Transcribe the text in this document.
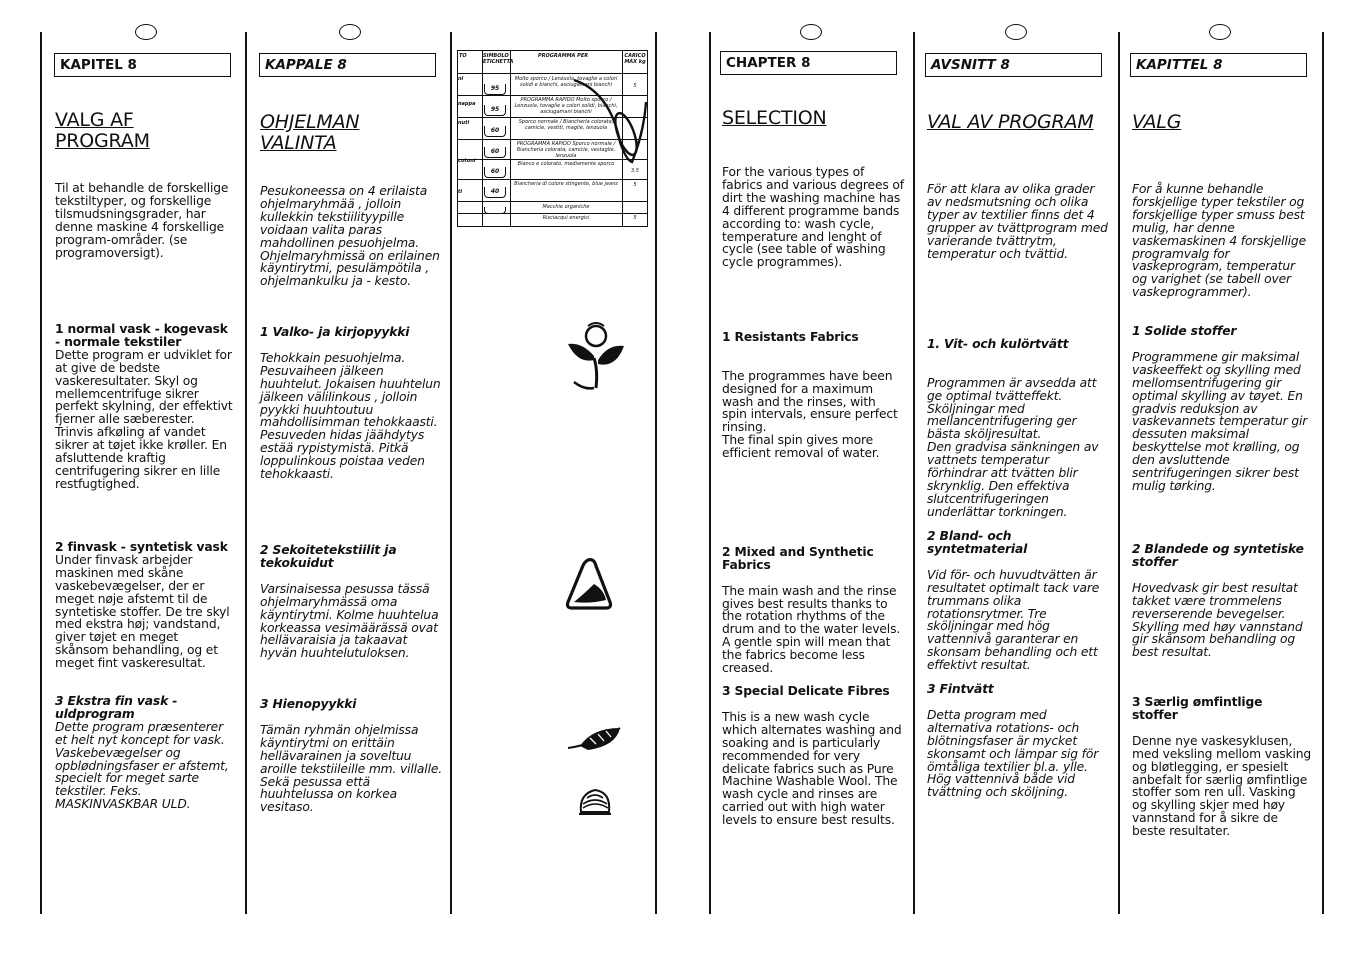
KAPITEL 8
VALG AF
PROGRAM
Til at behandle de forskellige tekstiltyper, og forskellige tilsmudsningsgrader, har denne maskine 4 forskellige program-områder. (se programoversigt).
1 normal vask - kogevask - normale tekstiler
Dette program er udviklet for at give de bedste vaskeresultater. Skyl og mellemcentrifuge sikrer perfekt skylning, der effektivt fjerner alle sæberester. Trinvis afkøling af vandet sikrer at tøjet ikke krøller. En afsluttende kraftig centrifugering sikrer en lille restfugtighed.
2 finvask - syntetisk vask
Under finvask arbejder maskinen med skåne vaskebevægelser, der er meget nøje afstemt til de syntetiske stoffer. De tre skyl med ekstra høj; vandstand, giver tøjet en meget skånsom behandling, og et meget fint vaskeresultat.
3 Ekstra fin vask - uldprogram
Dette program præsenterer et helt nyt koncept for vask. Vaskebevægelser og opblødningsfaser er afstemt, specielt for meget sarte tekstiler. Feks. MASKINVASKBAR ULD.
KAPPALE 8
OHJELMAN
VALINTA
Pesukoneessa on 4 erilaista ohjelmaryhmää , jolloin kullekkin tekstiilityypille voidaan valita paras mahdollinen pesuohjelma. Ohjelmaryhmissä on erilainen käyntirytmi, pesulämpötila , ohjelmankulku ja - kesto.
1 Valko- ja kirjopyykki
Tehokkain pesuohjelma. Pesuvaiheen jälkeen huuhtelut. Jokaisen huuhtelun jälkeen välilinkous , jolloin pyykki huuhtoutuu mahdollisimman tehokkaasti. Pesuveden hidas jäähdytys estää rypistymistä. Pitkä loppulinkous poistaa veden tehokkaasti.
2 Sekoitetekstiilit ja tekokuidut
Varsinaisessa pesussa tässä ohjelmaryhmässä oma käyntirytmi. Kolme huuhtelua korkeassa vesimäärässä ovat hellävaraisia ja takaavat hyvän huuhtelutuloksen.
3 Hienopyykki
Tämän ryhmän ohjelmissa käyntirytmi on erittäin hellävarainen ja soveltuu aroille tekstiileille mm. villalle. Sekä pesussa että huuhtelussa on korkea vesitaso.
TO	SIMBOLO ETICHETTA
PROGRAMMA PER	CARICO MAX kg
ni
nappa
nuti
cotoni
ti
Molto sporco / Lenzuola, tovaglie a colori solidi e bianchi, asciugamani bianchi
PROGRAMMA RAPIDO Molto sporco / Lenzuola, tovaglie a colori solidi, bianchi, asciugamani bianchi
Sporco normale / Biancheria colorata, camicie, vestiti, maglie, lenzuola
PROGRAMMA RAPIDO Sporco normale / Biancheria colorata, camicie, vestaglie, lenzuola
Bianco e colorato, mediamente sporco
Biancheria di colore stingente, blue jeans
Macchie organiche
Risciacqui energici
5
5
3.5
5
95
95
60
60
60
40
CHAPTER 8
SELECTION
For the various types of fabrics and various degrees of dirt the washing machine has 4 different programme bands according to: wash cycle, temperature and lenght of cycle (see table of washing cycle programmes).

1 Resistants Fabrics

The programmes have been designed for a maximum wash and the rinses, with spin intervals, ensure perfect rinsing.
The final spin gives more efficient removal of water.

2 Mixed and Synthetic Fabrics

The main wash and the rinse gives best results thanks to the rotation rhythms of the drum and to the water levels.
A gentle spin will mean that the fabrics become less creased.

3 Special Delicate Fibres
This is a new wash cycle which alternates washing and soaking and is particularly recommended for very delicate fabrics such as Pure Machine Washable Wool. The wash cycle and rinses are carried out with high water levels to ensure best results.
AVSNITT 8
VAL AV PROGRAM
För att klara av olika grader av nedsmutsning och olika typer av textilier finns det 4 grupper av tvättprogram med varierande tvättrytm, temperatur och tvättid.

1. Vit- och kulörtvätt

Programmen är avsedda att ge optimal tvätteffekt. Sköljningar med mellancentrifugering ger bästa sköljresultat.
Den gradvisa sänkningen av vattnets temperatur förhindrar att tvätten blir skrynklig. Den effektiva slutcentrifugeringen underlättar torkningen.

2 Bland- och syntetmaterial
Vid för- och huvudtvätten är resultatet optimalt tack vare trummans olika rotationsrytmer. Tre sköljningar med hög vattennivå garanterar en skonsam behandling och ett effektivt resultat.
3 Fintvätt
Detta program med alternativa rotations- och blötningsfaser är mycket skonsamt och lämpar sig för ömtåliga textilier bl.a. ylle. Hög vattennivå både vid tvättning och sköljning.
KAPITTEL 8
VALG
For å kunne behandle forskjellige typer tekstiler og forskjellige typer smuss best mulig, har denne vaskemaskinen 4 forskjellige programvalg for vaskeprogram, temperatur og varighet (se tabell over vaskeprogrammer).
1 Solide stoffer
Programmene gir maksimal vaskeeffekt og skylling med mellomsentrifugering gir optimal skylling av tøyet. En gradvis reduksjon av vaskevannets temperatur gir dessuten maksimal beskyttelse mot krølling, og den avsluttende sentrifugeringen sikrer best mulig tørking.
2 Blandede og syntetiske stoffer
Hovedvask gir best resultat takket være trommelens reverserende bevegelser. Skylling med høy vannstand gir skånsom behandling og best resultat.
3 Særlig ømfintlige stoffer
Denne nye vaskesyklusen, med veksling mellom vasking og bløtlegging, er spesielt anbefalt for særlig ømfintlige stoffer som ren ull. Vasking og skylling skjer med høy vannstand for å sikre de beste resultater.
